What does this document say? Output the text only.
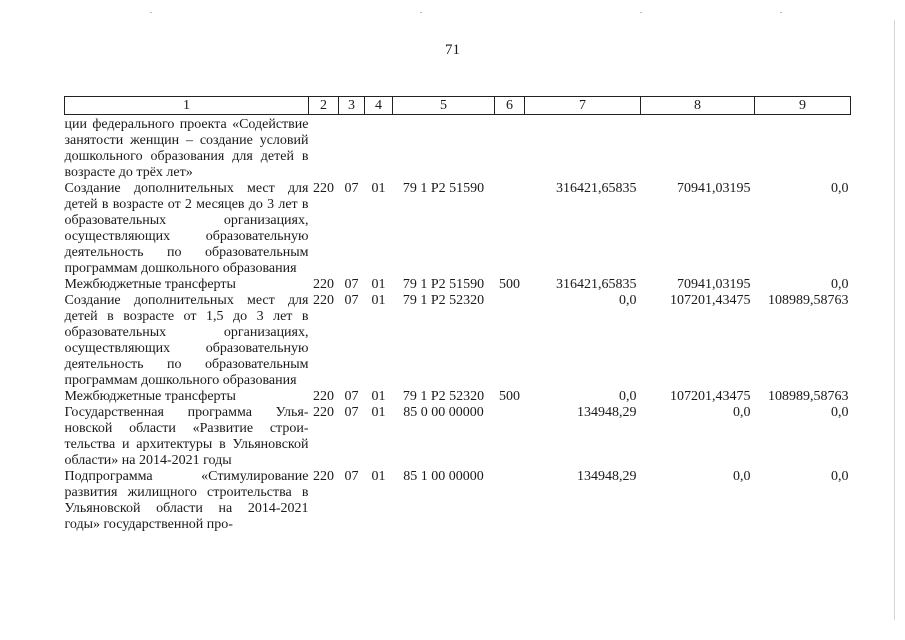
71
1	2	3	4	5	6	7	8	9
ции федерального проекта «Содействие занятости женщин – создание условий дошкольного образования для детей в возрасте до трёх лет»								
Создание дополнительных мест для детей в возрасте от 2 месяцев до 3 лет в образовательных организациях, осуществляющих образовательную деятельность по образовательным программам дошкольного образования	220	07	01	79 1 P2 51590		316421,65835	70941,03195	0,0
Межбюджетные трансферты	220	07	01	79 1 P2 51590	500	316421,65835	70941,03195	0,0
Создание дополнительных мест для детей в возрасте от 1,5 до 3 лет в образовательных организациях, осуществляющих образовательную деятельность по образовательным программам дошкольного образования	220	07	01	79 1 P2 52320		0,0	107201,43475	108989,58763
Межбюджетные трансферты	220	07	01	79 1 P2 52320	500	0,0	107201,43475	108989,58763
Государственная программа Ульяновской области «Развитие строительства и архитектуры в Ульяновской области» на 2014-2021 годы	220	07	01	85 0 00 00000		134948,29	0,0	0,0
Подпрограмма «Стимулирование развития жилищного строительства в Ульяновской области на 2014-2021 годы» государственной про-	220	07	01	85 1 00 00000		134948,29	0,0	0,0
